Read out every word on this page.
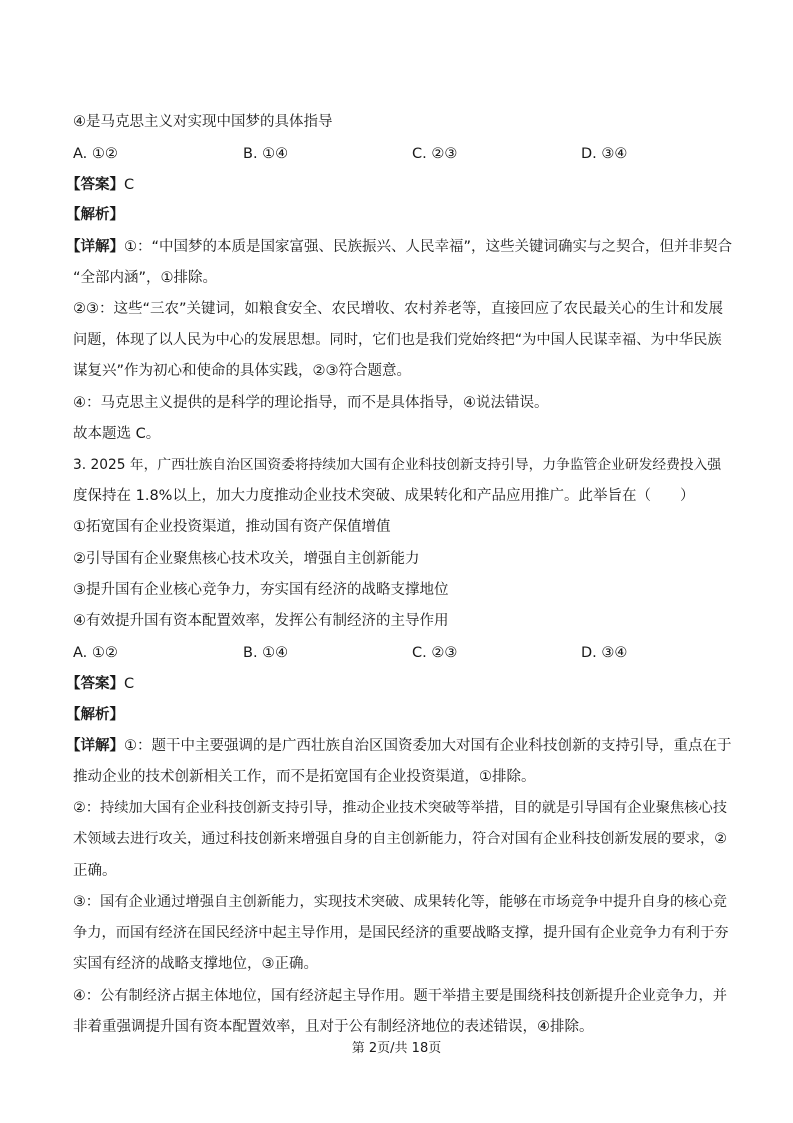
④是马克思主义对实现中国梦的具体指导
A. ①②	B. ①④	C. ②③	D. ③④
【答案】C
【解析】
【详解】①：“中国梦的本质是国家富强、民族振兴、人民幸福”，这些关键词确实与之契合，但并非契合
“全部内涵”，①排除。
②③：这些“三农”关键词，如粮食安全、农民增收、农村养老等，直接回应了农民最关心的生计和发展
问题，体现了以人民为中心的发展思想。同时，它们也是我们党始终把“为中国人民谋幸福、为中华民族
谋复兴”作为初心和使命的具体实践，②③符合题意。
④：马克思主义提供的是科学的理论指导，而不是具体指导，④说法错误。
故本题选 C。
3. 2025 年，广西壮族自治区国资委将持续加大国有企业科技创新支持引导，力争监管企业研发经费投入强
度保持在 1.8%以上，加大力度推动企业技术突破、成果转化和产品应用推广。此举旨在（　　）
①拓宽国有企业投资渠道，推动国有资产保值增值
②引导国有企业聚焦核心技术攻关，增强自主创新能力
③提升国有企业核心竞争力，夯实国有经济的战略支撑地位
④有效提升国有资本配置效率，发挥公有制经济的主导作用
A. ①②	B. ①④	C. ②③	D. ③④
【答案】C
【解析】
【详解】①：题干中主要强调的是广西壮族自治区国资委加大对国有企业科技创新的支持引导，重点在于
推动企业的技术创新相关工作，而不是拓宽国有企业投资渠道，①排除。
②：持续加大国有企业科技创新支持引导，推动企业技术突破等举措，目的就是引导国有企业聚焦核心技
术领域去进行攻关，通过科技创新来增强自身的自主创新能力，符合对国有企业科技创新发展的要求，②
正确。
③：国有企业通过增强自主创新能力，实现技术突破、成果转化等，能够在市场竞争中提升自身的核心竞
争力，而国有经济在国民经济中起主导作用，是国民经济的重要战略支撑，提升国有企业竞争力有利于夯
实国有经济的战略支撑地位，③正确。
④：公有制经济占据主体地位，国有经济起主导作用。题干举措主要是围绕科技创新提升企业竞争力，并
非着重强调提升国有资本配置效率，且对于公有制经济地位的表述错误，④排除。
第 2页/共 18页
